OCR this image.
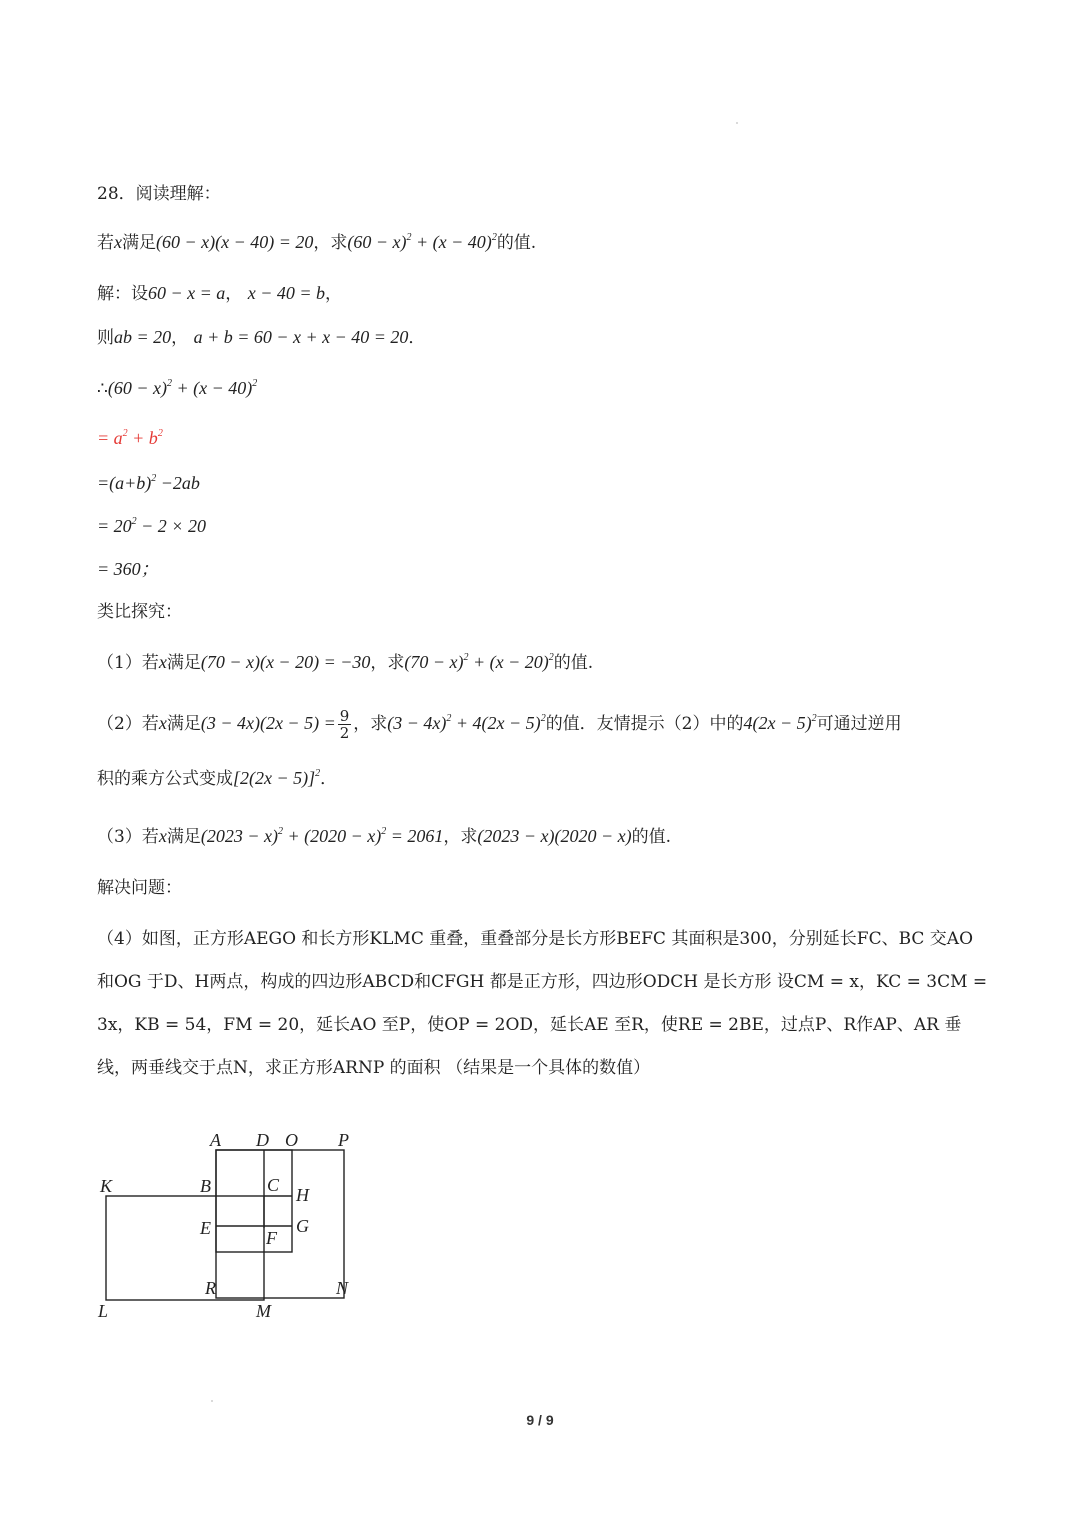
28．阅读理解：
若x满足(60 − x)(x − 40) = 20，求$(60 - x)^2 + (x - 40)^2$的值.
解：设60 − x = a， x − 40 = b，
则ab = 20， a + b = 60 − x + x − 40 = 20．
∴(60 − $x)^2 + (x - 40)^2$
= $a^2 + b^2$
$=(a+b)^2 -2ab$
= $20^2 - 2 \times 20$
= 360；
类比探究：
（1）若x满足(70 − x)(x − 20) = −30，求$(70 - x)^2 + (x - 20)^2$的值.
（2）若x满足$(3 - 4x)(2x - 5) = \frac{9}{2}$ ，求$(3 - 4x)^2 + 4(2x - 5)^2$的值．友情提示（2）中的$4(2x - 5)^2$可通过逆用
积的乘方公式变成$[2(2x - 5)]^2$．
（3）若x满足$(2023 - x)^2 + (2020 - x)^2 = 2061$，求(2023 − x)(2020 − x)的值.
解决问题：
（4）如图，正方形AEGO 和长方形KLMC 重叠，重叠部分是长方形BEFC 其面积是300，分别延长FC、BC 交AO 和OG 于D、H两点，构成的四边形ABCD和CFGH 都是正方形，四边形ODCH 是长方形 设CM = x，KC = 3CM = 3x，KB = 54，FM = 20，延长AO 至P，使OP = 2OD，延长AE 至R，使RE = 2BE，过点P、R作AP、AR 垂线，两垂线交于点N，求正方形ARNP 的面积 （结果是一个具体的数值）
A D O P
K	B	C H
E	G
F
R	N
L	M
9 / 9
